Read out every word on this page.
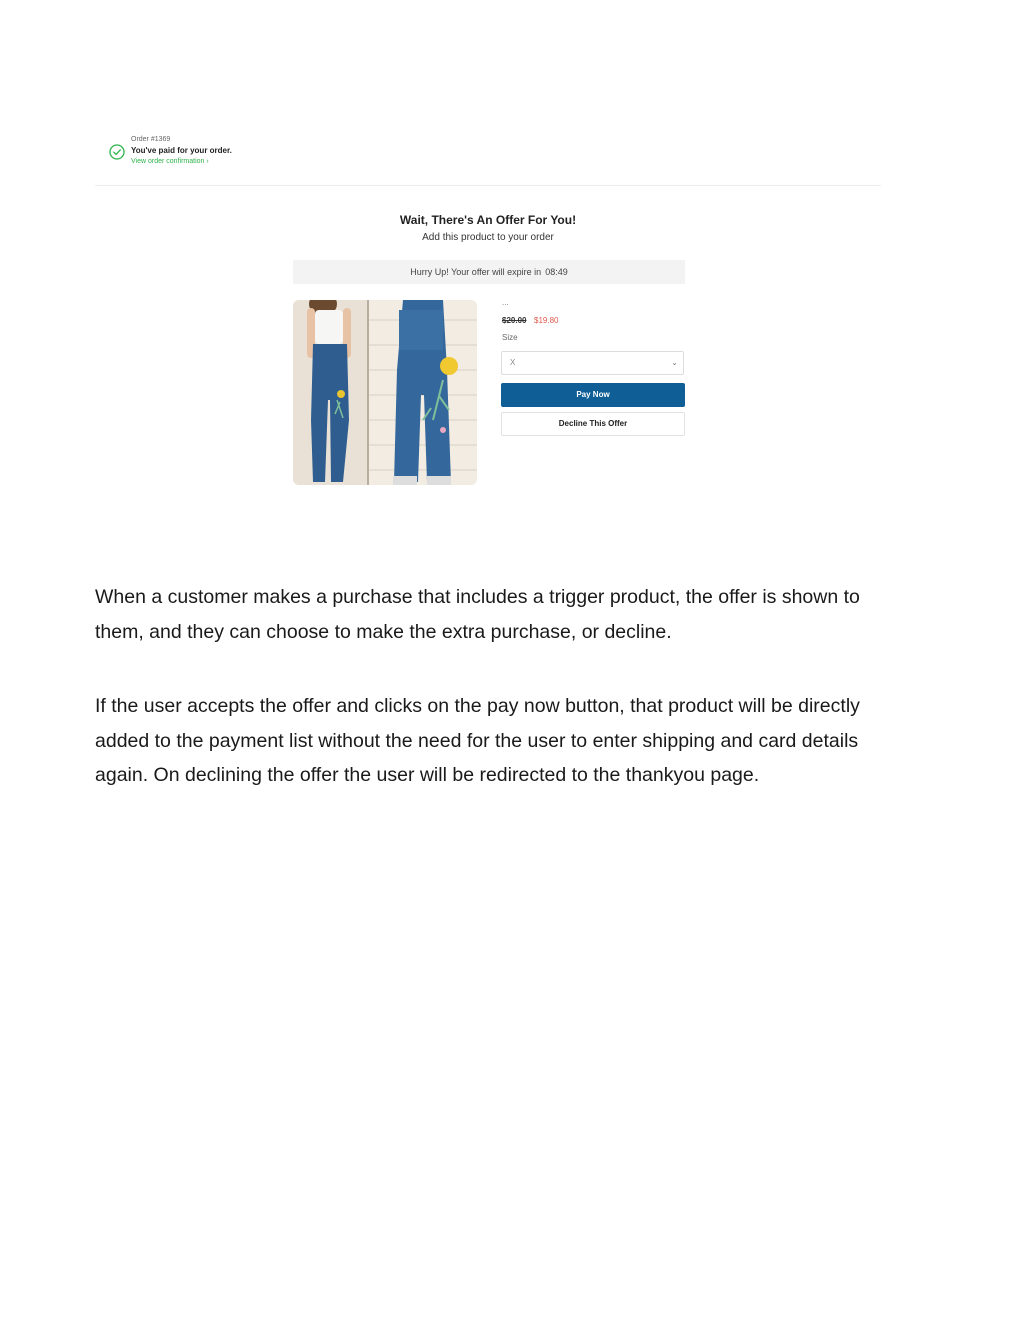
Order #1369
You've paid for your order.
View order confirmation ›
Wait, There's An Offer For You!
Add this product to your order
Hurry Up! Your offer will expire in 08:49
...
$20.00 $19.80
Size
X	⌄
Pay Now
Decline This Offer

When a customer makes a purchase that includes a trigger product, the offer is shown to them, and they can choose to make the extra purchase, or decline.

If the user accepts the offer and clicks on the pay now button, that product will be directly added to the payment list without the need for the user to enter shipping and card details again. On declining the offer the user will be redirected to the thankyou page.
